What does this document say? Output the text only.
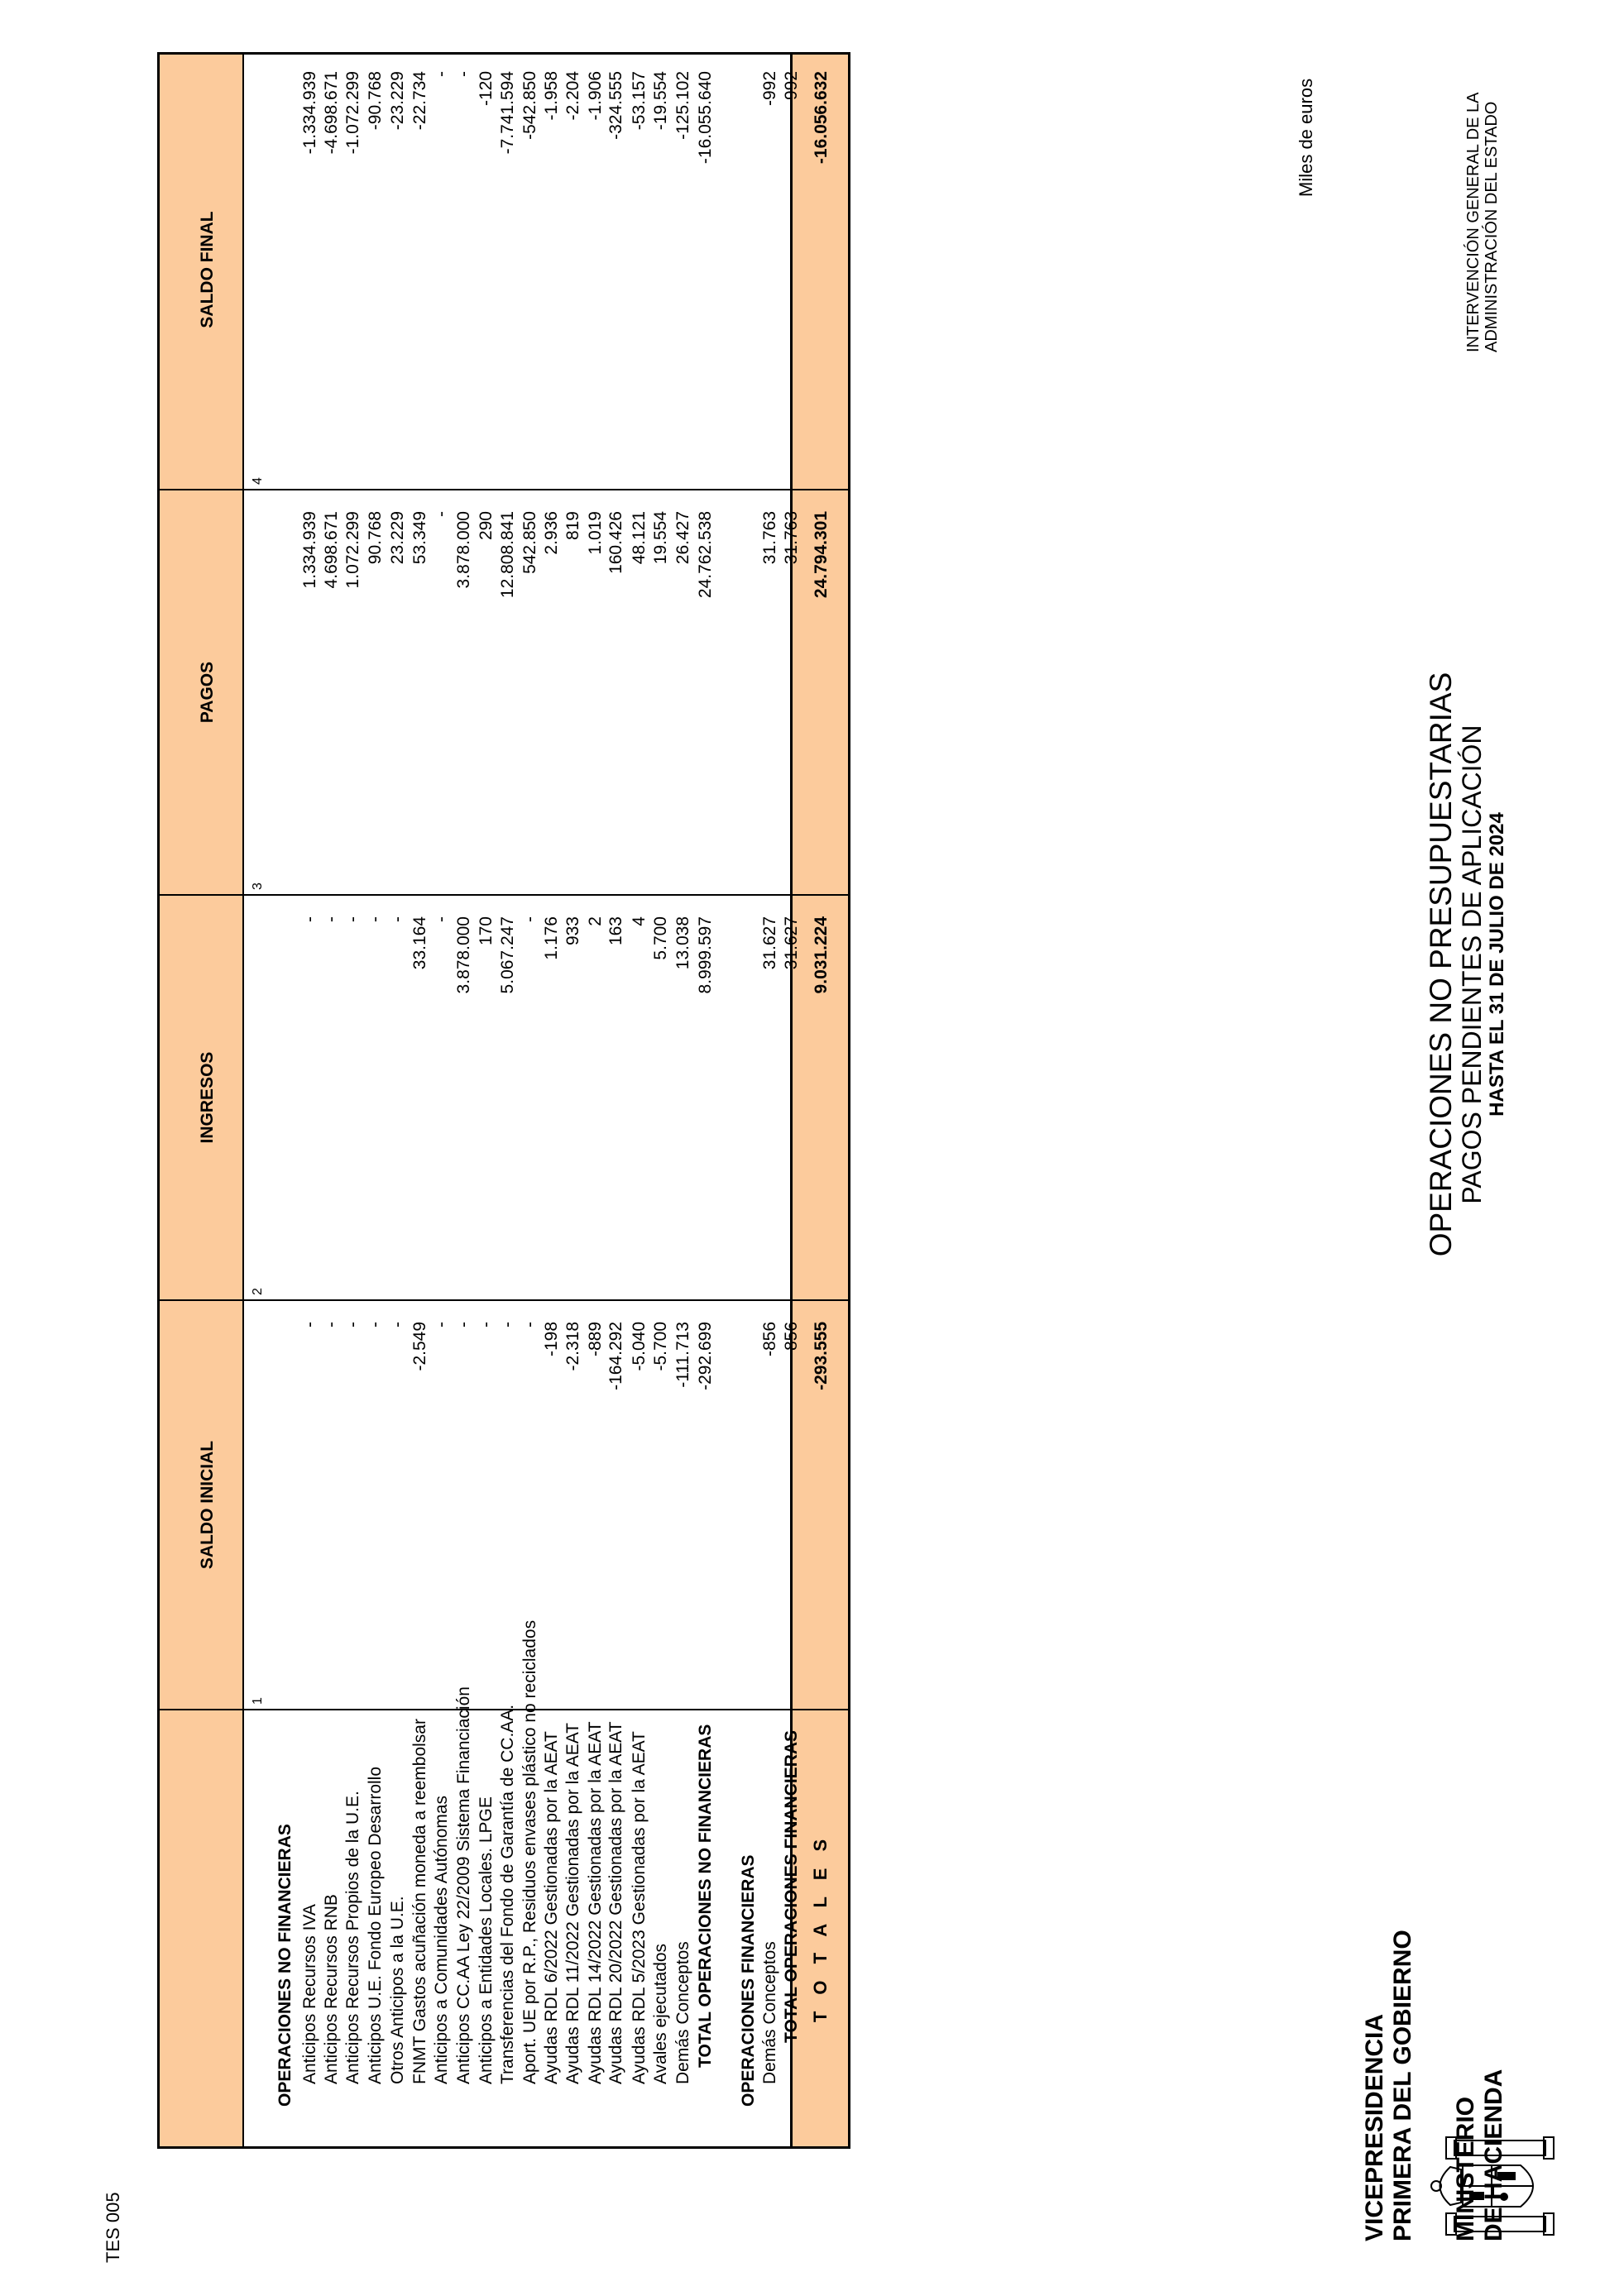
VICEPRESIDENCIA PRIMERA DEL GOBIERNO MINISTERIO DE HACIENDA
OPERACIONES NO PRESUPUESTARIAS PAGOS PENDIENTES DE APLICACIÓN HASTA EL 31 DE JULIO DE 2024
INTERVENCIÓN GENERAL DE LA ADMINISTRACIÓN DEL ESTADO
Miles de euros
TES 005
SALDO INICIAL
1
INGRESOS
2
PAGOS
3
SALDO FINAL
4
OPERACIONES NO FINANCIERAS Anticipos Recursos IVA
-
-
1.334.939
-1.334.939
Anticipos Recursos RNB
-
-
4.698.671
-4.698.671
Anticipos Recursos Propios de la U.E.
-
-
1.072.299
-1.072.299
Anticipos U.E. Fondo Europeo Desarrollo
-
-
90.768
-90.768
Otros Anticipos a la U.E.
-
-
23.229
-23.229
FNMT Gastos acuñación moneda a reembolsar
-2.549
33.164
53.349
-22.734
Anticipos a Comunidades Autónomas
-
-
-
-
Anticipos CC.AA Ley 22/2009 Sistema Financiación
-
3.878.000
3.878.000
-
Anticipos a Entidades Locales. LPGE
-
170
290
-120
Transferencias del Fondo de Garantía de CC.AA.
-
5.067.247
12.808.841
-7.741.594
Aport. UE por R.P., Residuos envases plástico no reciclados
-
-
542.850
-542.850
Ayudas RDL 6/2022 Gestionadas por la AEAT
-198
1.176
2.936
-1.958
Ayudas RDL 11/2022 Gestionadas por la AEAT
-2.318
933
819
-2.204
Ayudas RDL 14/2022 Gestionadas por la AEAT
-889
2
1.019
-1.906
Ayudas RDL 20/2022 Gestionadas por la AEAT
-164.292
163
160.426
-324.555
Ayudas RDL 5/2023 Gestionadas por la AEAT
-5.040
4
48.121
-53.157
Avales ejecutados
-5.700
5.700
19.554
-19.554
Demás Conceptos
-111.713
13.038
26.427
-125.102
TOTAL OPERACIONES NO FINANCIERAS
-292.699
8.999.597
24.762.538
-16.055.640
OPERACIONES FINANCIERAS Demás Conceptos
-856
31.627
31.763
-992
TOTAL OPERACIONES FINANCIERAS
-856
31.627
31.763
-992
T O T A L E S
-293.555
9.031.224
24.794.301
-16.056.632
